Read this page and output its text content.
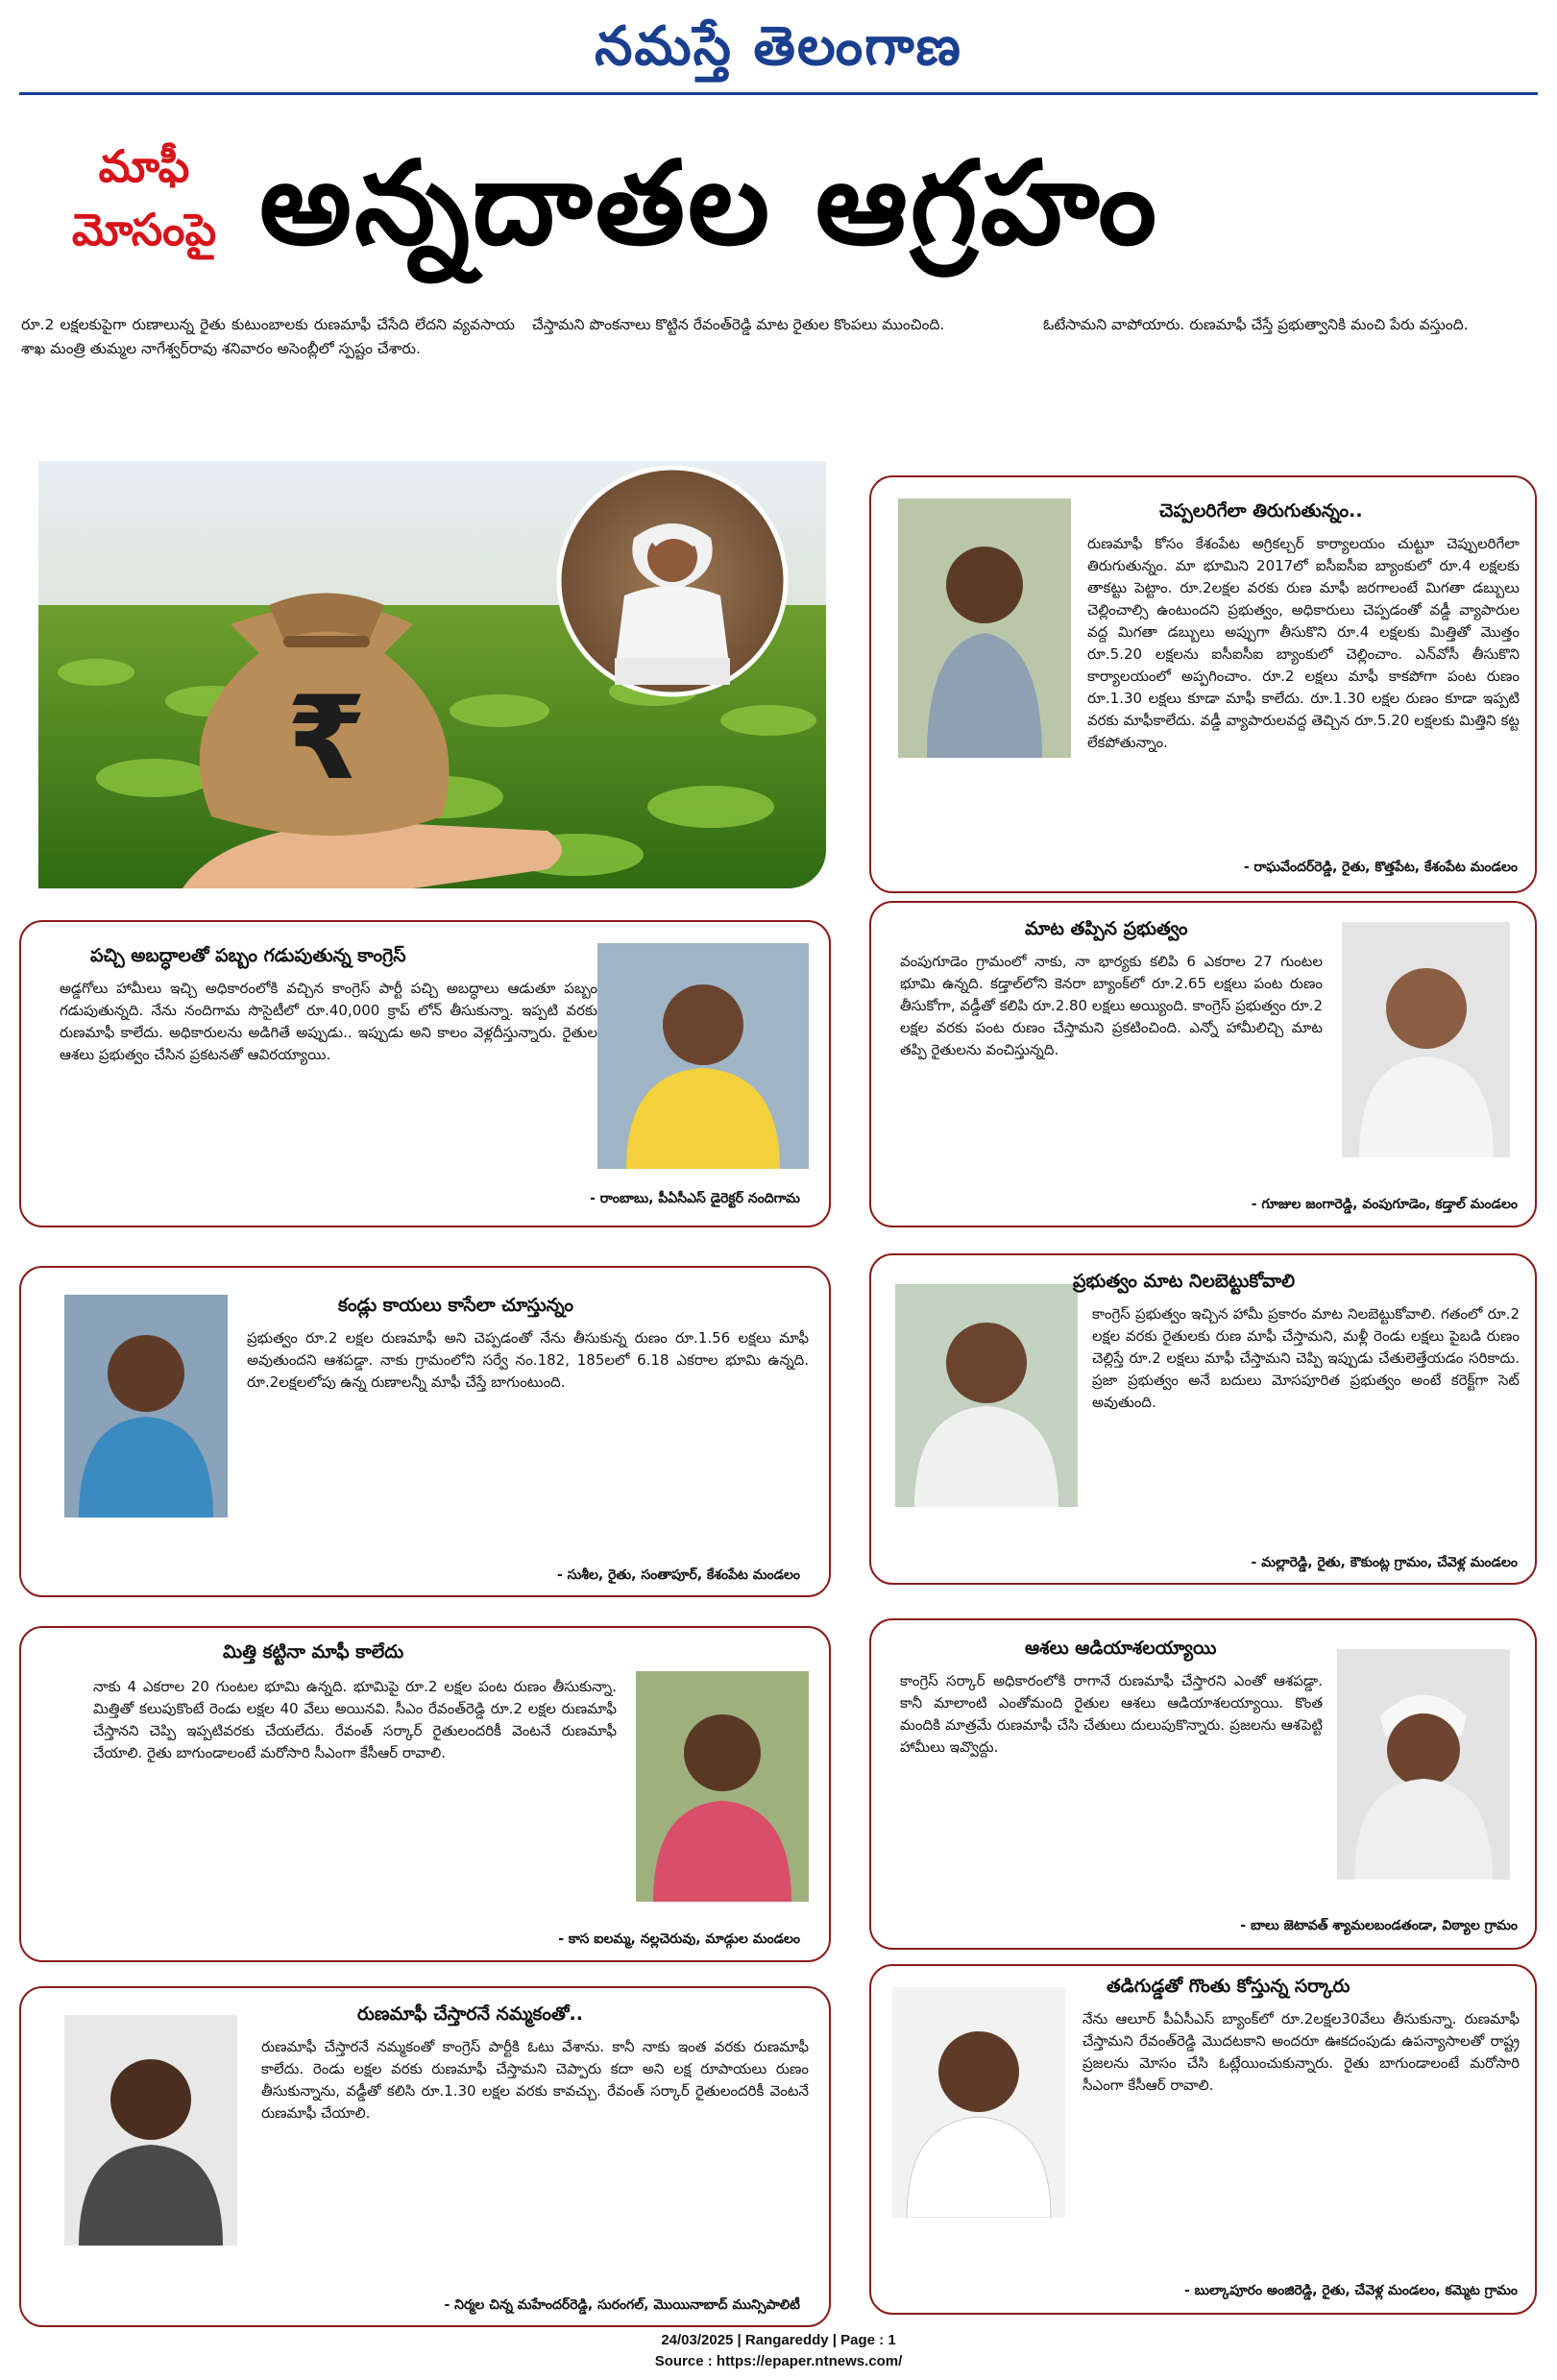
నమస్తే తెలంగాణ
మాఫీ
మోసంపై అన్నదాతల ఆగ్రహం
రూ.2 లక్షలకుపైగా రుణాలున్న రైతు కుటుంబాలకు రుణమాఫీ చేసేది లేదని వ్యవసాయ శాఖ మంత్రి తుమ్మల నాగేశ్వర్‌రావు శనివారం అసెంబ్లీలో స్పష్టం చేశారు.
చేస్తామని పొంకనాలు కొట్టిన రేవంత్‌రెడ్డి మాట రైతుల కొంపలు ముంచింది.	ఓటేసామని వాపోయారు. రుణమాఫీ చేస్తే ప్రభుత్వానికి మంచి పేరు వస్తుంది.
₹
చెప్పలరిగేలా తిరుగుతున్నం..
రుణమాఫీ కోసం కేశంపేట అగ్రికల్చర్ కార్యాలయం చుట్టూ చెప్పులరిగేలా తిరుగుతున్నం. మా భూమిని 2017లో ఐసీఐసీఐ బ్యాంకులో రూ.4 లక్షలకు తాకట్టు పెట్టాం. రూ.2లక్షల వరకు రుణ మాఫీ జరగాలంటే మిగతా డబ్బులు చెల్లించాల్సి ఉంటుందని ప్రభుత్వం, అధికారులు చెప్పడంతో వడ్డీ వ్యాపారుల వద్ద మిగతా డబ్బులు అప్పుగా తీసుకొని రూ.4 లక్షలకు మిత్తితో మొత్తం రూ.5.20 లక్షలను ఐసీఐసీఐ బ్యాంకులో చెల్లించాం. ఎన్‌వోసీ తీసుకొని కార్యాలయంలో అప్పగించాం. రూ.2 లక్షలు మాఫీ కాకపోగా పంట రుణం రూ.1.30 లక్షలు కూడా మాఫీ కాలేదు. రూ.1.30 లక్షల రుణం కూడా ఇప్పటి వరకు మాఫీకాలేదు. వడ్డీ వ్యాపారులవద్ద తెచ్చిన రూ.5.20 లక్షలకు మిత్తిని కట్ట లేకపోతున్నాం.
- రాఘవేందర్‌రెడ్డి, రైతు, కొత్తపేట, కేశంపేట మండలం
పచ్చి అబద్ధాలతో పబ్బం గడుపుతున్న కాంగ్రెస్
అడ్డగోలు హామీలు ఇచ్చి అధికారంలోకి వచ్చిన కాంగ్రెస్ పార్టీ పచ్చి అబద్ధాలు ఆడుతూ పబ్బం గడుపుతున్నది. నేను నందిగామ సొసైటీలో రూ.40,000 క్రాప్ లోన్ తీసుకున్నా. ఇప్పటి వరకు రుణమాఫీ కాలేదు. అధికారులను అడిగితే అప్పుడు.. ఇప్పుడు అని కాలం వెళ్లదీస్తున్నారు. రైతుల ఆశలు ప్రభుత్వం చేసిన ప్రకటనతో ఆవిరయ్యాయి.
- రాంబాబు, పీఏసీఎస్ డైరెక్టర్ నందిగామ
మాట తప్పిన ప్రభుత్వం
వంపుగూడెం గ్రామంలో నాకు, నా భార్యకు కలిపి 6 ఎకరాల 27 గుంటల భూమి ఉన్నది. కడ్తాల్‌లోని కెనరా బ్యాంక్‌లో రూ.2.65 లక్షలు పంట రుణం తీసుకోగా, వడ్డీతో కలిపి రూ.2.80 లక్షలు అయ్యింది. కాంగ్రెస్ ప్రభుత్వం రూ.2 లక్షల వరకు పంట రుణం చేస్తామని ప్రకటించింది. ఎన్నో హామీలిచ్చి మాట తప్పి రైతులను వంచిస్తున్నది.
- గూజుల జంగారెడ్డి, వంపుగూడెం, కడ్తాల్ మండలం
కండ్లు కాయలు కాసేలా చూస్తున్నం
ప్రభుత్వం రూ.2 లక్షల రుణమాఫీ అని చెప్పడంతో నేను తీసుకున్న రుణం రూ.1.56 లక్షలు మాఫీ అవుతుందని ఆశపడ్డా. నాకు గ్రామంలోని సర్వే నం.182, 185లలో 6.18 ఎకరాల భూమి ఉన్నది. రూ.2లక్షలలోపు ఉన్న రుణాలన్నీ మాఫీ చేస్తే బాగుంటుంది.
- సుశీల, రైతు, సంతాపూర్, కేశంపేట మండలం
ప్రభుత్వం మాట నిలబెట్టుకోవాలి
కాంగ్రెస్ ప్రభుత్వం ఇచ్చిన హామీ ప్రకారం మాట నిలబెట్టుకోవాలి. గతంలో రూ.2 లక్షల వరకు రైతులకు రుణ మాఫీ చేస్తామని, మళ్లీ రెండు లక్షలు పైబడి రుణం చెల్లిస్తే రూ.2 లక్షలు మాఫీ చేస్తామని చెప్పి ఇప్పుడు చేతులెత్తేయడం సరికాదు. ప్రజా ప్రభుత్వం అనే బదులు మోసపూరిత ప్రభుత్వం అంటే కరెక్ట్‌గా సెట్ అవుతుంది.
- మల్లారెడ్డి, రైతు, కౌకుంట్ల గ్రామం, చేవెళ్ల మండలం
మిత్తి కట్టినా మాఫీ కాలేదు
నాకు 4 ఎకరాల 20 గుంటల భూమి ఉన్నది. భూమిపై రూ.2 లక్షల పంట రుణం తీసుకున్నా. మిత్తితో కలుపుకొంటే రెండు లక్షల 40 వేలు అయినవి. సీఎం రేవంత్‌రెడ్డి రూ.2 లక్షల రుణమాఫీ చేస్తానని చెప్పి ఇప్పటివరకు చేయలేదు. రేవంత్ సర్కార్ రైతులందరికీ వెంటనే రుణమాఫీ చేయాలి. రైతు బాగుండాలంటే మరోసారి సీఎంగా కేసీఆర్ రావాలి.
- కాస ఐలమ్మ, నల్లచెరువు, మాడ్గుల మండలం
ఆశలు ఆడియాశలయ్యాయి
కాంగ్రెస్ సర్కార్ అధికారంలోకి రాగానే రుణమాఫీ చేస్తారని ఎంతో ఆశపడ్డా. కానీ మాలాంటి ఎంతోమంది రైతుల ఆశలు ఆడియాశలయ్యాయి. కొంత మందికి మాత్రమే రుణమాఫీ చేసి చేతులు దులుపుకొన్నారు. ప్రజలను ఆశపెట్టి హామీలు ఇవ్వొద్దు.
- బాలు జెటావత్ శ్యామలబండతండా, విఠ్యాల గ్రామం
రుణమాఫీ చేస్తారనే నమ్మకంతో..
రుణమాఫీ చేస్తారనే నమ్మకంతో కాంగ్రెస్ పార్టీకి ఓటు వేశాను. కానీ నాకు ఇంత వరకు రుణమాఫీ కాలేదు. రెండు లక్షల వరకు రుణమాఫీ చేస్తామని చెప్పారు కదా అని లక్ష రూపాయలు రుణం తీసుకున్నాను, వడ్డీతో కలిసి రూ.1.30 లక్షల వరకు కావచ్చు. రేవంత్ సర్కార్ రైతులందరికీ వెంటనే రుణమాఫీ చేయాలి.
- నిర్మల చిన్న మహేందర్‌రెడ్డి, సురంగల్, మొయినాబాద్ మున్సిపాలిటీ
తడిగుడ్డతో గొంతు కోస్తున్న సర్కారు
నేను ఆలూర్ పీఏసీఎస్ బ్యాంక్‌లో రూ.2లక్షల30వేలు తీసుకున్నా. రుణమాఫీ చేస్తామని రేవంత్‌రెడ్డి మొదటకాని అందరూ ఊకదంపుడు ఉపన్యాసాలతో రాష్ట్ర ప్రజలను మోసం చేసి ఓట్లేయించుకున్నారు. రైతు బాగుండాలంటే మరోసారి సీఎంగా కేసీఆర్ రావాలి.
- బుల్కాపూరం అంజిరెడ్డి, రైతు, చేవెళ్ల మండలం, కమ్మెట గ్రామం
24/03/2025 | Rangareddy | Page : 1
Source : https://epaper.ntnews.com/
